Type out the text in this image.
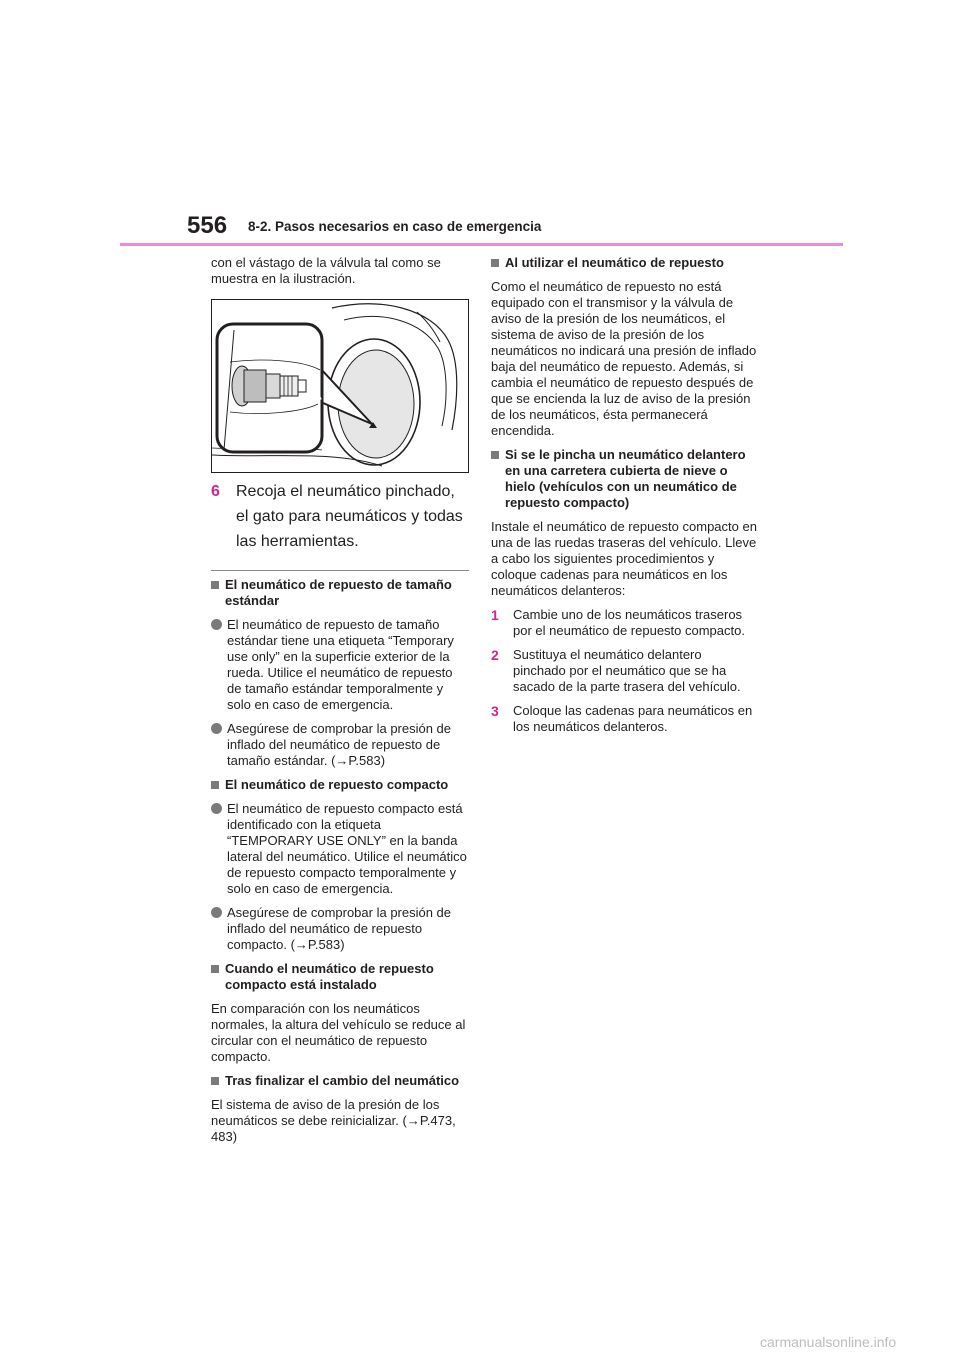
556 8-2. Pasos necesarios en caso de emergencia

con el vástago de la válvula tal como se muestra en la ilustración.

6	Recoja el neumático pinchado, el gato para neumáticos y todas las herramientas.
El neumático de repuesto de tamaño estándar
El neumático de repuesto de tamaño estándar tiene una etiqueta “Temporary use only” en la superficie exterior de la rueda. Utilice el neumático de repuesto de tamaño estándar temporalmente y solo en caso de emergencia.
Asegúrese de comprobar la presión de inflado del neumático de repuesto de tamaño estándar. (→P.583)
El neumático de repuesto compacto
El neumático de repuesto compacto está identificado con la etiqueta “TEMPORARY USE ONLY” en la banda lateral del neumático. Utilice el neumático de repuesto compacto temporalmente y solo en caso de emergencia.
Asegúrese de comprobar la presión de inflado del neumático de repuesto compacto. (→P.583)
Cuando el neumático de repuesto compacto está instalado

En comparación con los neumáticos normales, la altura del vehículo se reduce al circular con el neumático de repuesto compacto.

Tras finalizar el cambio del neumático

El sistema de aviso de la presión de los neumáticos se debe reinicializar. (→P.473, 483)

Al utilizar el neumático de repuesto

Como el neumático de repuesto no está equipado con el transmisor y la válvula de aviso de la presión de los neumáticos, el sistema de aviso de la presión de los neumáticos no indicará una presión de inflado baja del neumático de repuesto. Además, si cambia el neumático de repuesto después de que se encienda la luz de aviso de la presión de los neumáticos, ésta permanecerá encendida.

Si se le pincha un neumático delantero en una carretera cubierta de nieve o hielo (vehículos con un neumático de repuesto compacto)

Instale el neumático de repuesto compacto en una de las ruedas traseras del vehículo. Lleve a cabo los siguientes procedimientos y coloque cadenas para neumáticos en los neumáticos delanteros:

1	Cambie uno de los neumáticos traseros por el neumático de repuesto compacto.
2	Sustituya el neumático delantero pinchado por el neumático que se ha sacado de la parte trasera del vehículo.
3	Coloque las cadenas para neumáticos en los neumáticos delanteros.
carmanualsonline.info
